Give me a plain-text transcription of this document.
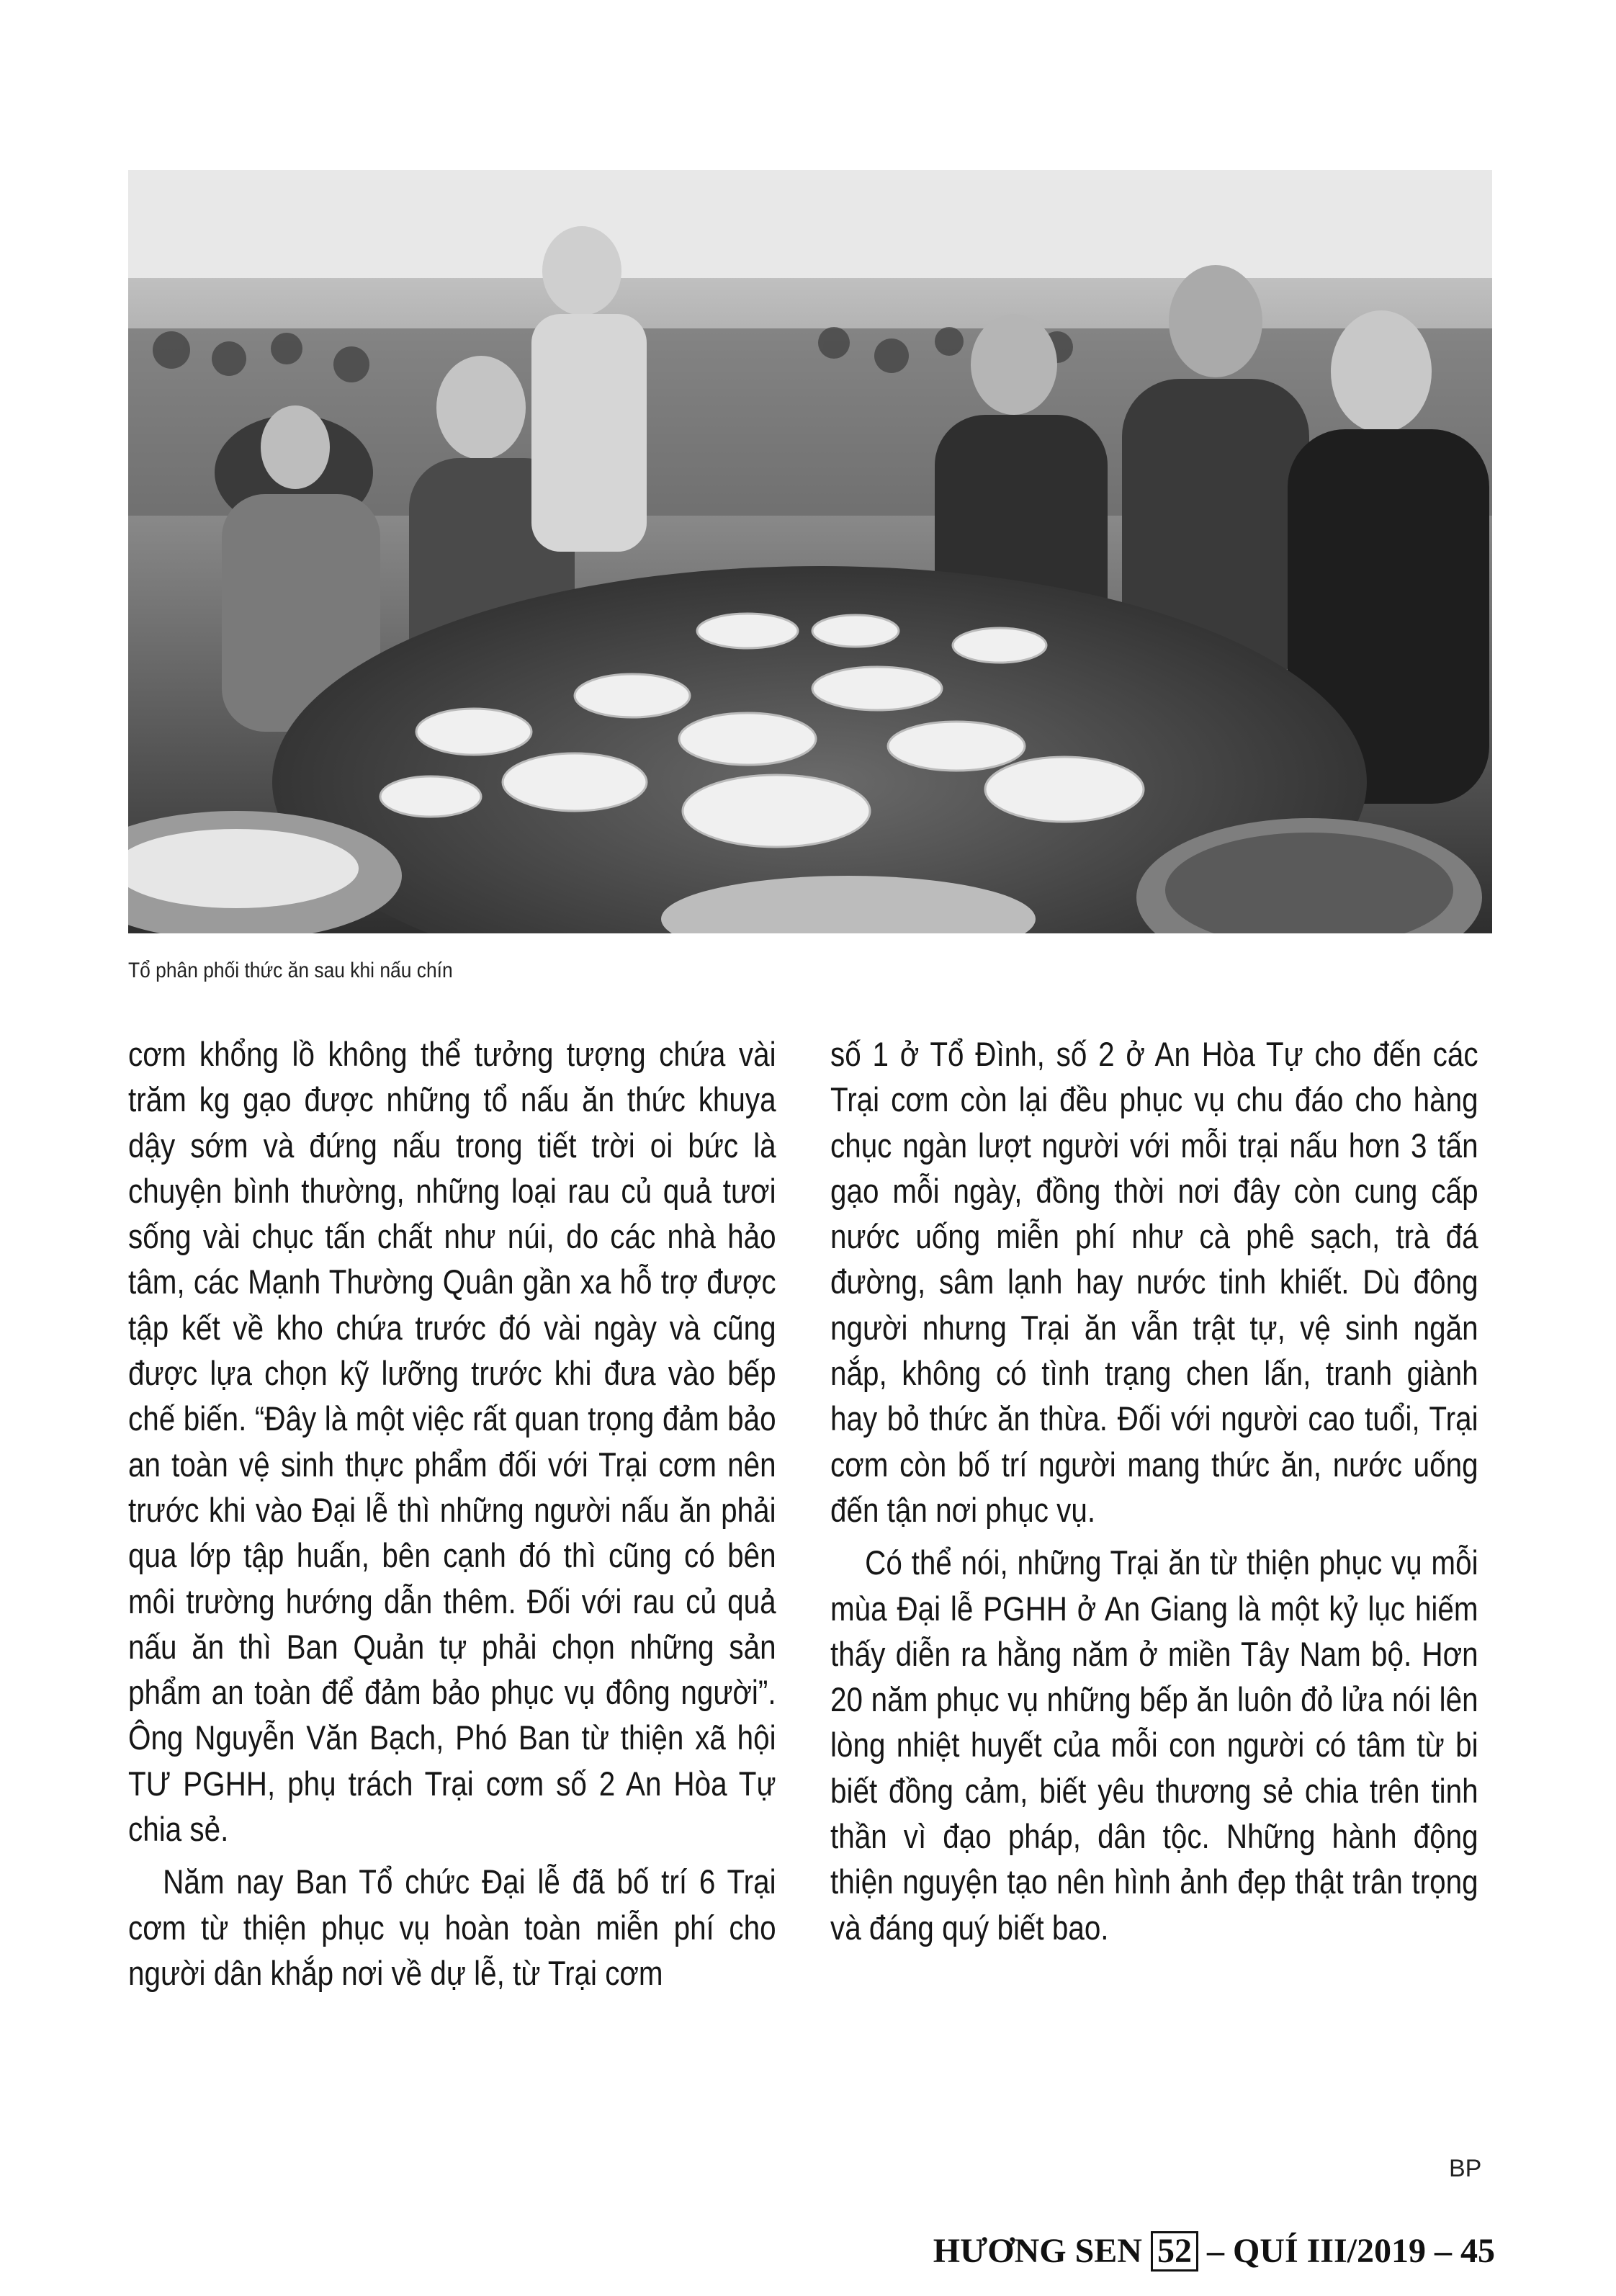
Tổ phân phối thức ăn sau khi nấu chín

cơm khổng lồ không thể tưởng tượng chứa vài trăm kg gạo được những tổ nấu ăn thức khuya dậy sớm và đứng nấu trong tiết trời oi bức là chuyện bình thường, những loại rau củ quả tươi sống vài chục tấn chất như núi, do các nhà hảo tâm, các Mạnh Thường Quân gần xa hỗ trợ được tập kết về kho chứa trước đó vài ngày và cũng được lựa chọn kỹ lưỡng trước khi đưa vào bếp chế biến. “Đây là một việc rất quan trọng đảm bảo an toàn vệ sinh thực phẩm đối với Trại cơm nên trước khi vào Đại lễ thì những người nấu ăn phải qua lớp tập huấn, bên cạnh đó thì cũng có bên môi trường hướng dẫn thêm. Đối với rau củ quả nấu ăn thì Ban Quản tự phải chọn những sản phẩm an toàn để đảm bảo phục vụ đông người”. Ông Nguyễn Văn Bạch, Phó Ban từ thiện xã hội TƯ PGHH, phụ trách Trại cơm số 2 An Hòa Tự chia sẻ.

Năm nay Ban Tổ chức Đại lễ đã bố trí 6 Trại cơm từ thiện phục vụ hoàn toàn miễn phí cho người dân khắp nơi về dự lễ, từ Trại cơm

số 1 ở Tổ Đình, số 2 ở An Hòa Tự cho đến các Trại cơm còn lại đều phục vụ chu đáo cho hàng chục ngàn lượt người với mỗi trại nấu hơn 3 tấn gạo mỗi ngày, đồng thời nơi đây còn cung cấp nước uống miễn phí như cà phê sạch, trà đá đường, sâm lạnh hay nước tinh khiết. Dù đông người nhưng Trại ăn vẫn trật tự, vệ sinh ngăn nắp, không có tình trạng chen lấn, tranh giành hay bỏ thức ăn thừa. Đối với người cao tuổi, Trại cơm còn bố trí người mang thức ăn, nước uống đến tận nơi phục vụ.

Có thể nói, những Trại ăn từ thiện phục vụ mỗi mùa Đại lễ PGHH ở An Giang là một kỷ lục hiếm thấy diễn ra hằng năm ở miền Tây Nam bộ. Hơn 20 năm phục vụ những bếp ăn luôn đỏ lửa nói lên lòng nhiệt huyết của mỗi con người có tâm từ bi biết đồng cảm, biết yêu thương sẻ chia trên tinh thần vì đạo pháp, dân tộc. Những hành động thiện nguyện tạo nên hình ảnh đẹp thật trân trọng và đáng quý biết bao.

BP
HƯƠNG SEN 52 – QUÍ III/2019 – 45
